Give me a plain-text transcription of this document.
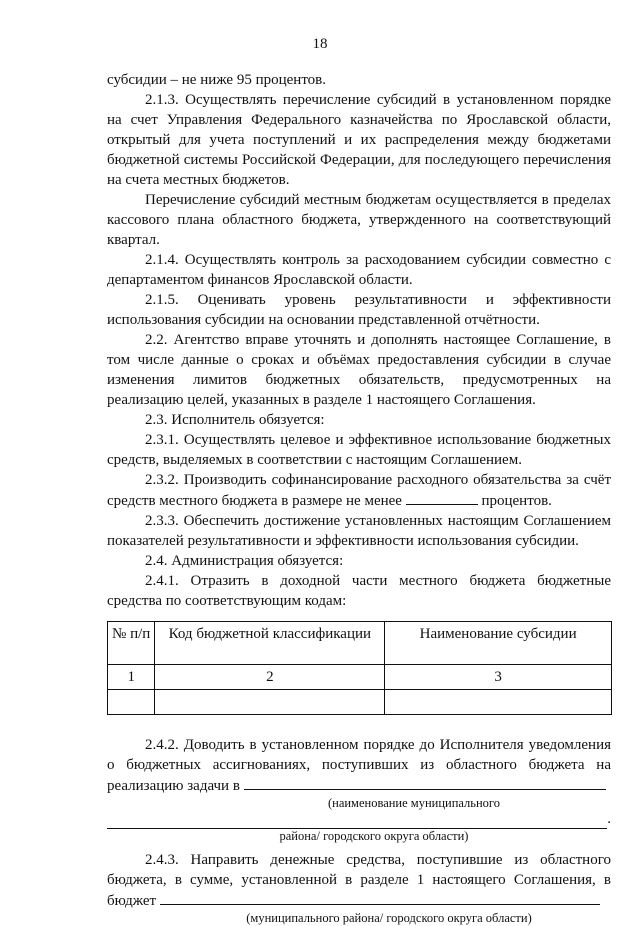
18

субсидии – не ниже 95 процентов.

2.1.3. Осуществлять перечисление субсидий в установленном порядке на счет Управления Федерального казначейства по Ярославской области, открытый для учета поступлений и их распределения между бюджетами бюджетной системы Российской Федерации, для последующего перечисления на счета местных бюджетов.

Перечисление субсидий местным бюджетам осуществляется в пределах кассового плана областного бюджета, утвержденного на соответствующий квартал.

2.1.4. Осуществлять контроль за расходованием субсидии совместно с департаментом финансов Ярославской области.

2.1.5. Оценивать уровень результативности и эффективности использования субсидии на основании представленной отчётности.

2.2. Агентство вправе уточнять и дополнять настоящее Соглашение, в том числе данные о сроках и объёмах предоставления субсидии в случае изменения лимитов бюджетных обязательств, предусмотренных на реализацию целей, указанных в разделе 1 настоящего Соглашения.

2.3. Исполнитель обязуется:

2.3.1. Осуществлять целевое и эффективное использование бюджетных средств, выделяемых в соответствии с настоящим Соглашением.

2.3.2. Производить софинансирование расходного обязательства за счёт средств местного бюджета в размере не менее	процентов.

2.3.3. Обеспечить достижение установленных настоящим Соглашением показателей результативности и эффективности использования субсидии.

2.4. Администрация обязуется:

2.4.1. Отразить в доходной части местного бюджета бюджетные средства по соответствующим кодам:

№ п/п	Код бюджетной классификации	Наименование субсидии
1	2	3

2.4.2. Доводить в установленном порядке до Исполнителя уведомления о бюджетных ассигнованиях, поступивших из областного бюджета на реализацию задачи в

(наименование муниципального
.
района/ городского округа области)

2.4.3. Направить денежные средства, поступившие из областного бюджета, в сумме, установленной в разделе 1 настоящего Соглашения, в бюджет

(муниципального района/ городского округа области)
